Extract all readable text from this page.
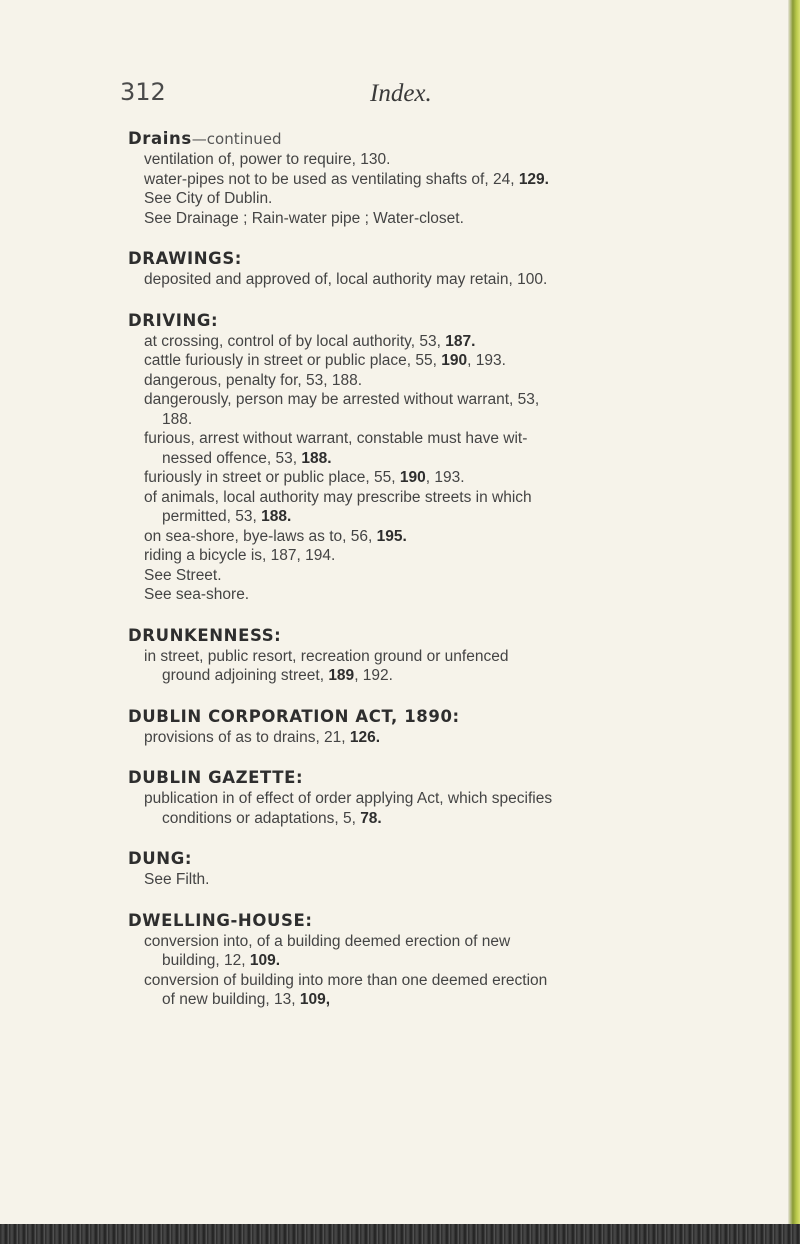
312	Index.
Drains—continued
ventilation of, power to require, 130.
water-pipes not to be used as ventilating shafts of, 24, 129.
See City of Dublin.
See Drainage ; Rain-water pipe ; Water-closet.
DRAWINGS:
deposited and approved of, local authority may retain, 100.
DRIVING:
at crossing, control of by local authority, 53, 187.
cattle furiously in street or public place, 55, 190, 193.
dangerous, penalty for, 53, 188.
dangerously, person may be arrested without warrant, 53,
188.
furious, arrest without warrant, constable must have wit-
nessed offence, 53, 188.
furiously in street or public place, 55, 190, 193.
of animals, local authority may prescribe streets in which
permitted, 53, 188.
on sea-shore, bye-laws as to, 56, 195.
riding a bicycle is, 187, 194.
See Street.
See sea-shore.
DRUNKENNESS:
in street, public resort, recreation ground or unfenced
ground adjoining street, 189, 192.
DUBLIN CORPORATION ACT, 1890:
provisions of as to drains, 21, 126.
DUBLIN GAZETTE:
publication in of effect of order applying Act, which specifies
conditions or adaptations, 5, 78.
DUNG:
See Filth.
DWELLING-HOUSE:
conversion into, of a building deemed erection of new
building, 12, 109.
conversion of building into more than one deemed erection
of new building, 13, 109,
